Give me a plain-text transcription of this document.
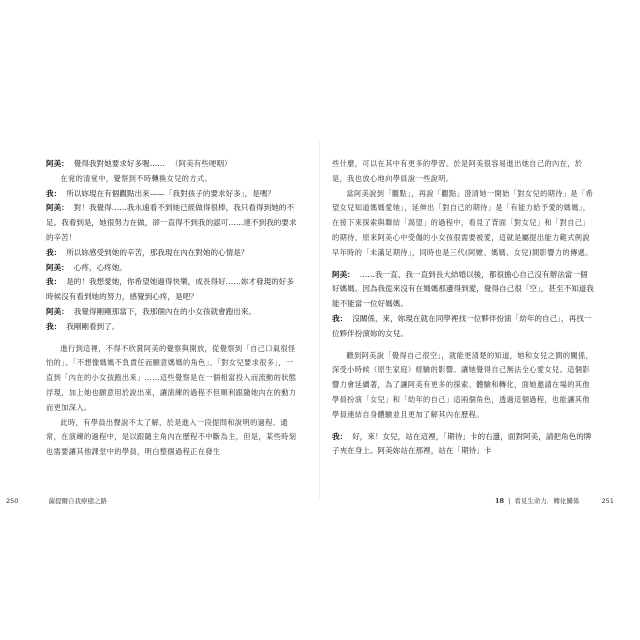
阿美： 覺得我對她要求好多喔…… （阿美有些哽咽）

在覚的清覚中，覺察到不時轉換女兒的方式。

我： 所以妳現在有個觀點出來——「我對孩子的要求好多」，是嗎？

阿美： 對！我覺得……我永遠看不到她已經做得很棒，我只看得到她的不足。我看到是，她很努力在做，卻一直得不到我的認可……達不到我的要求的辛苦！

我： 所以妳感受到她的辛苦，那我現在內在對她的心情是？

阿美： 心疼，心疼她。

我： 是的！我想愛她，你希望她過得快樂，成長得好……妳才發現的好多時候沒有看到她的努力，感覺到心疼，是吧？

阿美： 我覺得剛剛那當下，我那個內在的小女孩就會跑出來。

我： 我剛剛看到了。

進行到這裡，不得不欣賞阿美的覺察與開放，從覺察到「自己口氣很怪怕的」、「不想像媽媽不負責任而願意媽媽的角色」、「對女兒要求很多」，一直到「內在的小女孩跑出來」……這些覺察是在一個相當投入而流動的狀態浮現，加上她也願意用於說出來，讓演練的過程不但順利跟隨她內在的動力而更加深入。

此時，有學員出聲說不太了解，於是進入一段提問和說明的過程。通常，在演練的過程中，是以跟隨主角內在歷程不中斷為主，但是，某些時刻也需要讓其他課堂中的學員，明白整個過程正在發生

250	薩提爾自我療癒之路

些什麼，可以在其中有更多的學習。於是阿美很容易進出她自己的內在，於是，我也放心地向學員說一些說明。

當阿美說到「觀點」，再說「觀點」澄清她一開始「對女兒的期待」是「希望女兒知道媽媽愛她」，延伸出「對自己的期待」是「有能力給予愛的媽媽」，在接下來探索與聯結「渴望」的過程中，看見了背面「對女兒」和「對自己」的期待，原來阿美心中受傷的小女孩很需要被愛，這就是屬提出能力範式例說早年時的「未滿足期待」，同時也是三代(阿嬤、媽媽、女兒)間影響力的傳遞。

阿美： ……我一直、我一直到長大結婚以後，都很擔心自己沒有辦法當一個好媽媽。因為我從來沒有在媽媽那邊得到愛，覺得自己很「空」，甚至不知道我能不能當一位好媽媽。

我： 沒關係，來，妳現在就在同學裡找一位夥伴扮演「幼年的自己」，再找一位夥伴扮演妳的女兒。

聽到阿美說「覺得自己很空」，就能更清楚的知道，她和女兒之間的關係，深受小時候（原生家庭）經驗的影響。讓她覺得自己無法全心愛女兒。這個影響力會延續著，為了讓阿美有更多的探索、體驗和轉化，面她邀請在場的其他學員扮演「女兒」和「幼年的自己」這兩個角色，透過這個過程，也能讓其他學員連結自身體驗並且更加了解其內在歷程。

我： 好，來！女兒，站在這裡，「期待」卡的右邊，面對阿美，請把角色的牌子夾在身上。阿美妳站在那裡，站在「期待」卡

18 | 看見生命力．轉化關係	251
